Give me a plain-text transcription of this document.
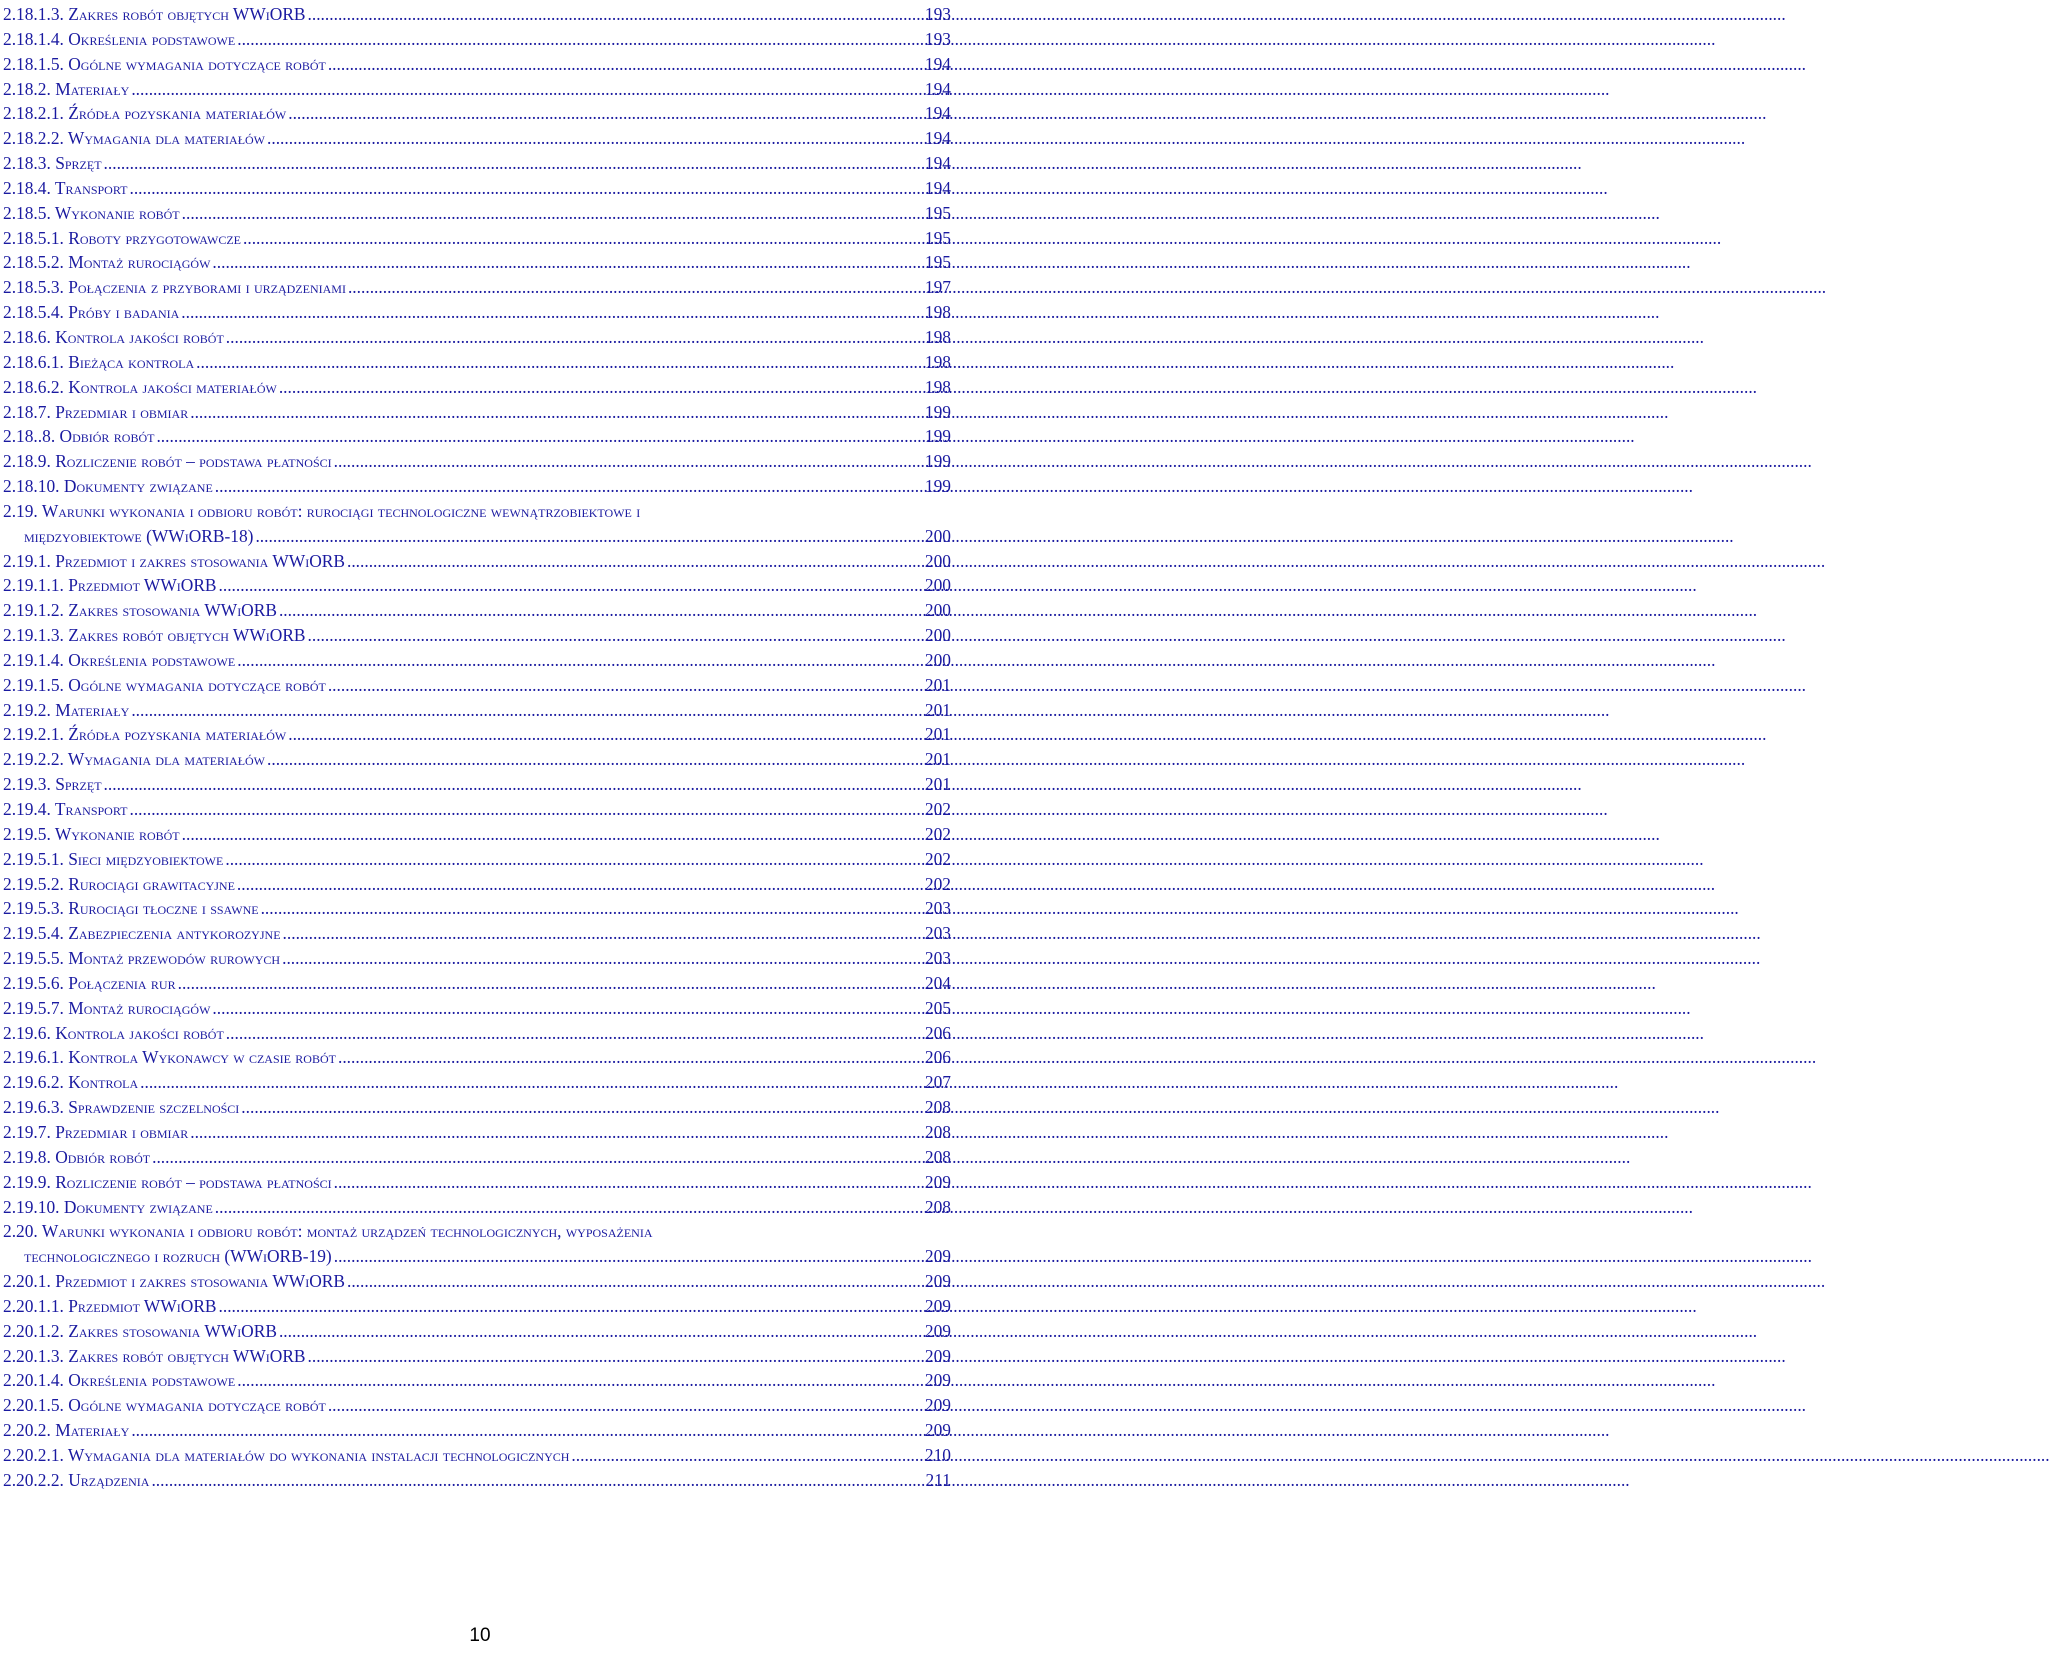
2.18.1.3. Zakres robót objętych WWiORB .....	193
2.18.1.4. Określenia podstawowe .....	193
2.18.1.5. Ogólne wymagania dotyczące robót .....	194
2.18.2. Materiały .....	194
2.18.2.1. Źródła pozyskania materiałów .....	194
2.18.2.2. Wymagania dla materiałów .....	194
2.18.3. Sprzęt .....	194
2.18.4. Transport .....	194
2.18.5. Wykonanie robót .....	195
2.18.5.1. Roboty przygotowawcze .....	195
2.18.5.2. Montaż rurociągów .....	195
2.18.5.3. Połączenia z przyborami i urządzeniami .....	197
2.18.5.4. Próby i badania .....	198
2.18.6. Kontrola jakości robót .....	198
2.18.6.1. Bieżąca kontrola .....	198
2.18.6.2. Kontrola jakości materiałów .....	198
2.18.7. Przedmiar i obmiar .....	199
2.18..8. Odbiór robót .....	199
2.18.9. Rozliczenie robót – podstawa płatności .....	199
2.18.10. Dokumenty związane .....	199
2.19. Warunki wykonania i odbioru robót: rurociągi technologiczne wewnątrzobiektowe i
międzyobiektowe (WWiORB-18) .....	200
2.19.1. Przedmiot i zakres stosowania WWiORB .....	200
2.19.1.1. Przedmiot WWiORB .....	200
2.19.1.2. Zakres stosowania WWiORB .....	200
2.19.1.3. Zakres robót objętych WWiORB .....	200
2.19.1.4. Określenia podstawowe .....	200
2.19.1.5. Ogólne wymagania dotyczące robót .....	201
2.19.2. Materiały .....	201
2.19.2.1. Źródła pozyskania materiałów .....	201
2.19.2.2. Wymagania dla materiałów .....	201
2.19.3. Sprzęt .....	201
2.19.4. Transport .....	202
2.19.5. Wykonanie robót .....	202
2.19.5.1. Sieci międzyobiektowe .....	202
2.19.5.2. Rurociągi grawitacyjne .....	202
2.19.5.3. Rurociągi tłoczne i ssawne .....	203
2.19.5.4. Zabezpieczenia antykorozyjne .....	203
2.19.5.5. Montaż przewodów rurowych .....	203
2.19.5.6. Połączenia rur .....	204
2.19.5.7. Montaż rurociągów .....	205
2.19.6. Kontrola jakości robót .....	206
2.19.6.1. Kontrola Wykonawcy w czasie robót .....	206
2.19.6.2. Kontrola .....	207
2.19.6.3. Sprawdzenie szczelności .....	208
2.19.7. Przedmiar i obmiar .....	208
2.19.8. Odbiór robót .....	208
2.19.9. Rozliczenie robót – podstawa płatności .....	209
2.19.10. Dokumenty związane .....	208
2.20. Warunki wykonania i odbioru robót: montaż urządzeń technologicznych, wyposażenia
technologicznego i rozruch (WWiORB-19) .....	209
2.20.1. Przedmiot i zakres stosowania WWiORB .....	209
2.20.1.1. Przedmiot WWiORB .....	209
2.20.1.2. Zakres stosowania WWiORB .....	209
2.20.1.3. Zakres robót objętych WWiORB .....	209
2.20.1.4. Określenia podstawowe .....	209
2.20.1.5. Ogólne wymagania dotyczące robót .....	209
2.20.2. Materiały .....	209
2.20.2.1. Wymagania dla materiałów do wykonania instalacji technologicznych .....	210
2.20.2.2. Urządzenia .....	211
10
